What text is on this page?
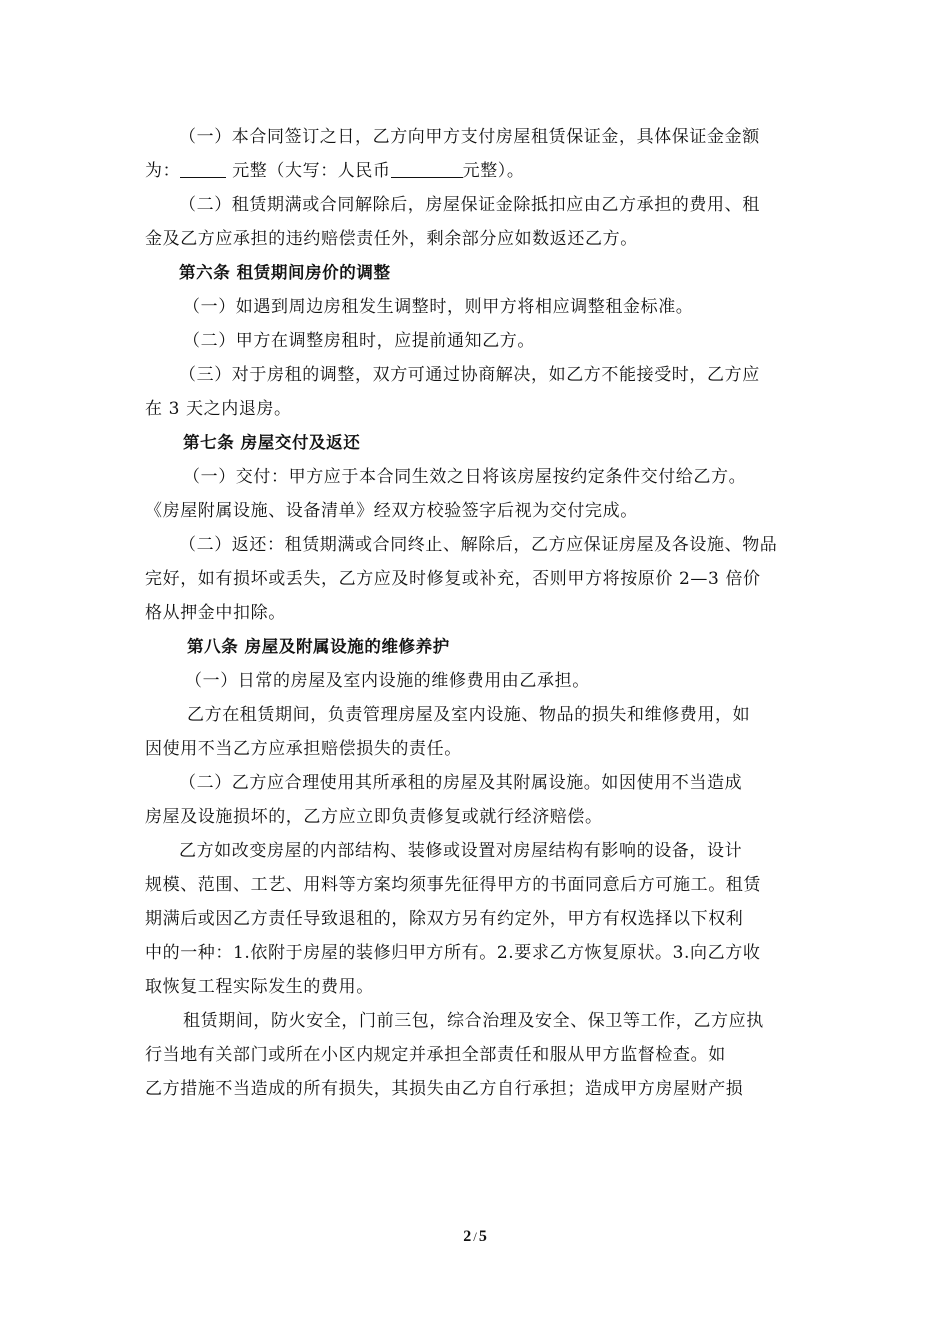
（一）本合同签订之日，乙方向甲方支付房屋租赁保证金，具体保证金金额
为：	元整（大写：人民币	元整）。
（二）租赁期满或合同解除后，房屋保证金除抵扣应由乙方承担的费用、租
金及乙方应承担的违约赔偿责任外，剩余部分应如数返还乙方。
第六条 租赁期间房价的调整
（一）如遇到周边房租发生调整时，则甲方将相应调整租金标准。
（二）甲方在调整房租时，应提前通知乙方。
（三）对于房租的调整，双方可通过协商解决，如乙方不能接受时，乙方应
在 3 天之内退房。
第七条 房屋交付及返还
（一）交付：甲方应于本合同生效之日将该房屋按约定条件交付给乙方。
《房屋附属设施、设备清单》经双方校验签字后视为交付完成。
（二）返还：租赁期满或合同终止、解除后，乙方应保证房屋及各设施、物品
完好，如有损坏或丢失，乙方应及时修复或补充，否则甲方将按原价 2—3 倍价
格从押金中扣除。
第八条 房屋及附属设施的维修养护
（一）日常的房屋及室内设施的维修费用由乙承担。
乙方在租赁期间，负责管理房屋及室内设施、物品的损失和维修费用，如
因使用不当乙方应承担赔偿损失的责任。
（二）乙方应合理使用其所承租的房屋及其附属设施。如因使用不当造成
房屋及设施损坏的，乙方应立即负责修复或就行经济赔偿。
乙方如改变房屋的内部结构、装修或设置对房屋结构有影响的设备，设计
规模、范围、工艺、用料等方案均须事先征得甲方的书面同意后方可施工。租赁
期满后或因乙方责任导致退租的，除双方另有约定外，甲方有权选择以下权利
中的一种：1.依附于房屋的装修归甲方所有。2.要求乙方恢复原状。3.向乙方收
取恢复工程实际发生的费用。
租赁期间，防火安全，门前三包，综合治理及安全、保卫等工作，乙方应执
行当地有关部门或所在小区内规定并承担全部责任和服从甲方监督检查。如
乙方措施不当造成的所有损失，其损失由乙方自行承担；造成甲方房屋财产损
2 / 5
